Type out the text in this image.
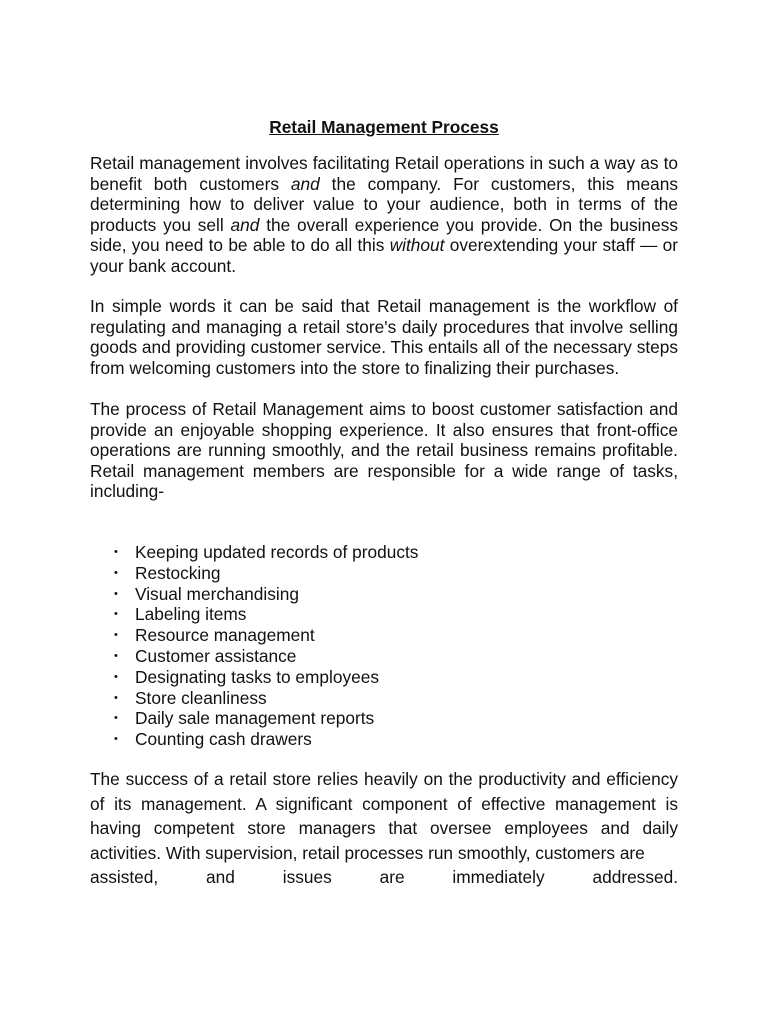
Retail Management Process

Retail management involves facilitating Retail operations in such a way as to benefit both customers and the company. For customers, this means determining how to deliver value to your audience, both in terms of the products you sell and the overall experience you provide. On the business side, you need to be able to do all this without overextending your staff — or your bank account.

In simple words it can be said that Retail management is the workflow of regulating and managing a retail store's daily procedures that involve selling goods and providing customer service. This entails all of the necessary steps from welcoming customers into the store to finalizing their purchases.

The process of Retail Management aims to boost customer satisfaction and provide an enjoyable shopping experience. It also ensures that front-office operations are running smoothly, and the retail business remains profitable. Retail management members are responsible for a wide range of tasks, including-

• Keeping updated records of products
• Restocking
• Visual merchandising
• Labeling items
• Resource management
• Customer assistance
• Designating tasks to employees
• Store cleanliness
• Daily sale management reports
• Counting cash drawers

The success of a retail store relies heavily on the productivity and efficiency of its management. A significant component of effective management is having competent store managers that oversee employees and daily activities. With supervision, retail processes run smoothly, customers are
assisted, and issues are immediately addressed.
